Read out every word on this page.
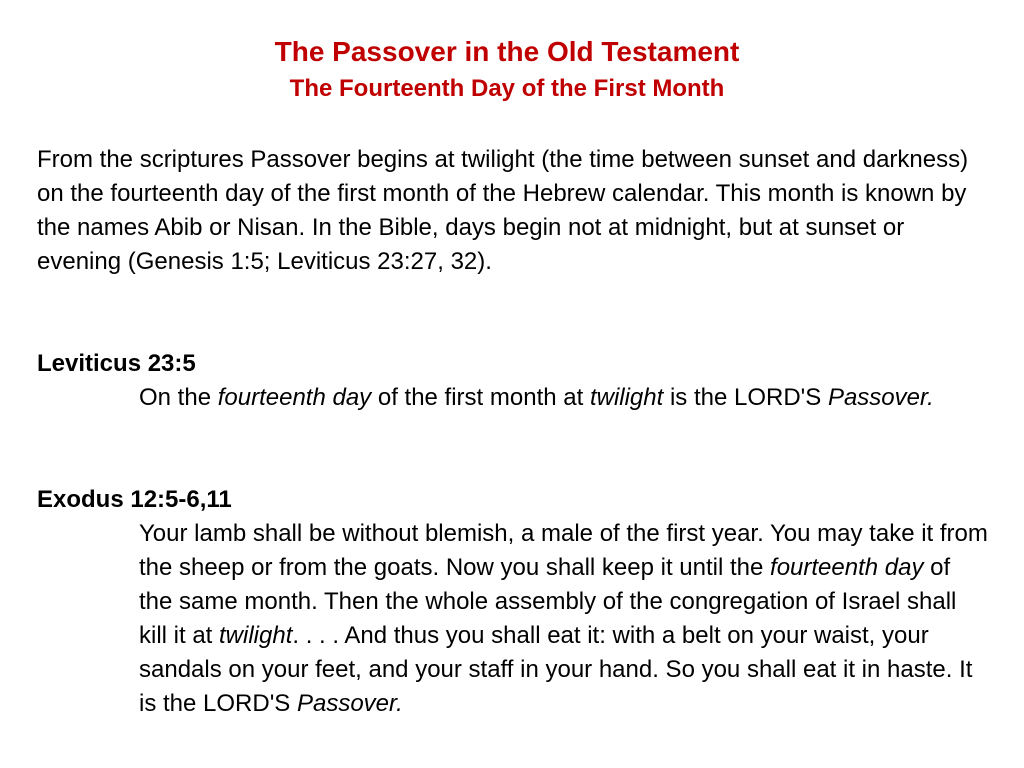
The Passover in the Old Testament
The Fourteenth Day of the First Month

From the scriptures Passover begins at twilight (the time between sunset and darkness) on the fourteenth day of the first month of the Hebrew calendar. This month is known by the names Abib or Nisan. In the Bible, days begin not at midnight, but at sunset or evening (Genesis 1:5; Leviticus 23:27, 32).

Leviticus 23:5

On the fourteenth day of the first month at twilight is the LORD'S Passover.

Exodus 12:5-6,11

Your lamb shall be without blemish, a male of the first year. You may take it from the sheep or from the goats. Now you shall keep it until the fourteenth day of the same month. Then the whole assembly of the congregation of Israel shall kill it at twilight. . . . And thus you shall eat it: with a belt on your waist, your sandals on your feet, and your staff in your hand. So you shall eat it in haste. It is the LORD'S Passover.
